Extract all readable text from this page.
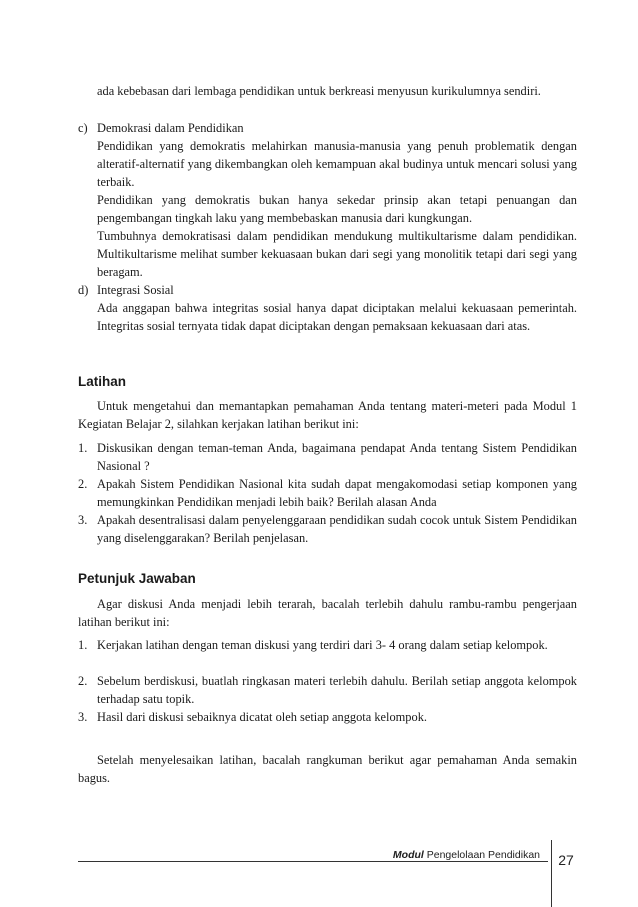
ada kebebasan dari lembaga pendidikan untuk berkreasi menyusun kurikulumnya sendiri.

c) Demokrasi dalam Pendidikan

Pendidikan yang demokratis melahirkan manusia-manusia yang penuh problematik dengan alteratif-alternatif yang dikembangkan oleh kemampuan akal budinya untuk mencari solusi yang terbaik.

Pendidikan yang demokratis bukan hanya sekedar prinsip akan tetapi penuangan dan pengembangan tingkah laku yang membebaskan manusia dari kungkungan.

Tumbuhnya demokratisasi dalam pendidikan mendukung multikultarisme dalam pendidikan. Multikultarisme melihat sumber kekuasaan bukan dari segi yang monolitik tetapi dari segi yang beragam.

d) Integrasi Sosial

Ada anggapan bahwa integritas sosial hanya dapat diciptakan melalui kekuasaan pemerintah. Integritas sosial ternyata tidak dapat diciptakan dengan pemaksaan kekuasaan dari atas.

Latihan

Untuk mengetahui dan memantapkan pemahaman Anda tentang materi-meteri pada Modul 1 Kegiatan Belajar 2, silahkan kerjakan latihan berikut ini:

1. Diskusikan dengan teman-teman Anda, bagaimana pendapat Anda tentang Sistem Pendidikan Nasional ?

2. Apakah Sistem Pendidikan Nasional kita sudah dapat mengakomodasi setiap komponen yang memungkinkan Pendidikan menjadi lebih baik? Berilah alasan Anda

3. Apakah desentralisasi dalam penyelenggaraan pendidikan sudah cocok untuk Sistem Pendidikan yang diselenggarakan? Berilah penjelasan.

Petunjuk Jawaban

Agar diskusi Anda menjadi lebih terarah, bacalah terlebih dahulu rambu-rambu pengerjaan latihan berikut ini:

1. Kerjakan latihan dengan teman diskusi yang terdiri dari 3- 4 orang dalam setiap kelompok.

2. Sebelum berdiskusi, buatlah ringkasan materi terlebih dahulu. Berilah setiap anggota kelompok terhadap satu topik.

3. Hasil dari diskusi sebaiknya dicatat oleh setiap anggota kelompok.

Setelah menyelesaikan latihan, bacalah rangkuman berikut agar pemahaman Anda semakin bagus.

Modul Pengelolaan Pendidikan	27
